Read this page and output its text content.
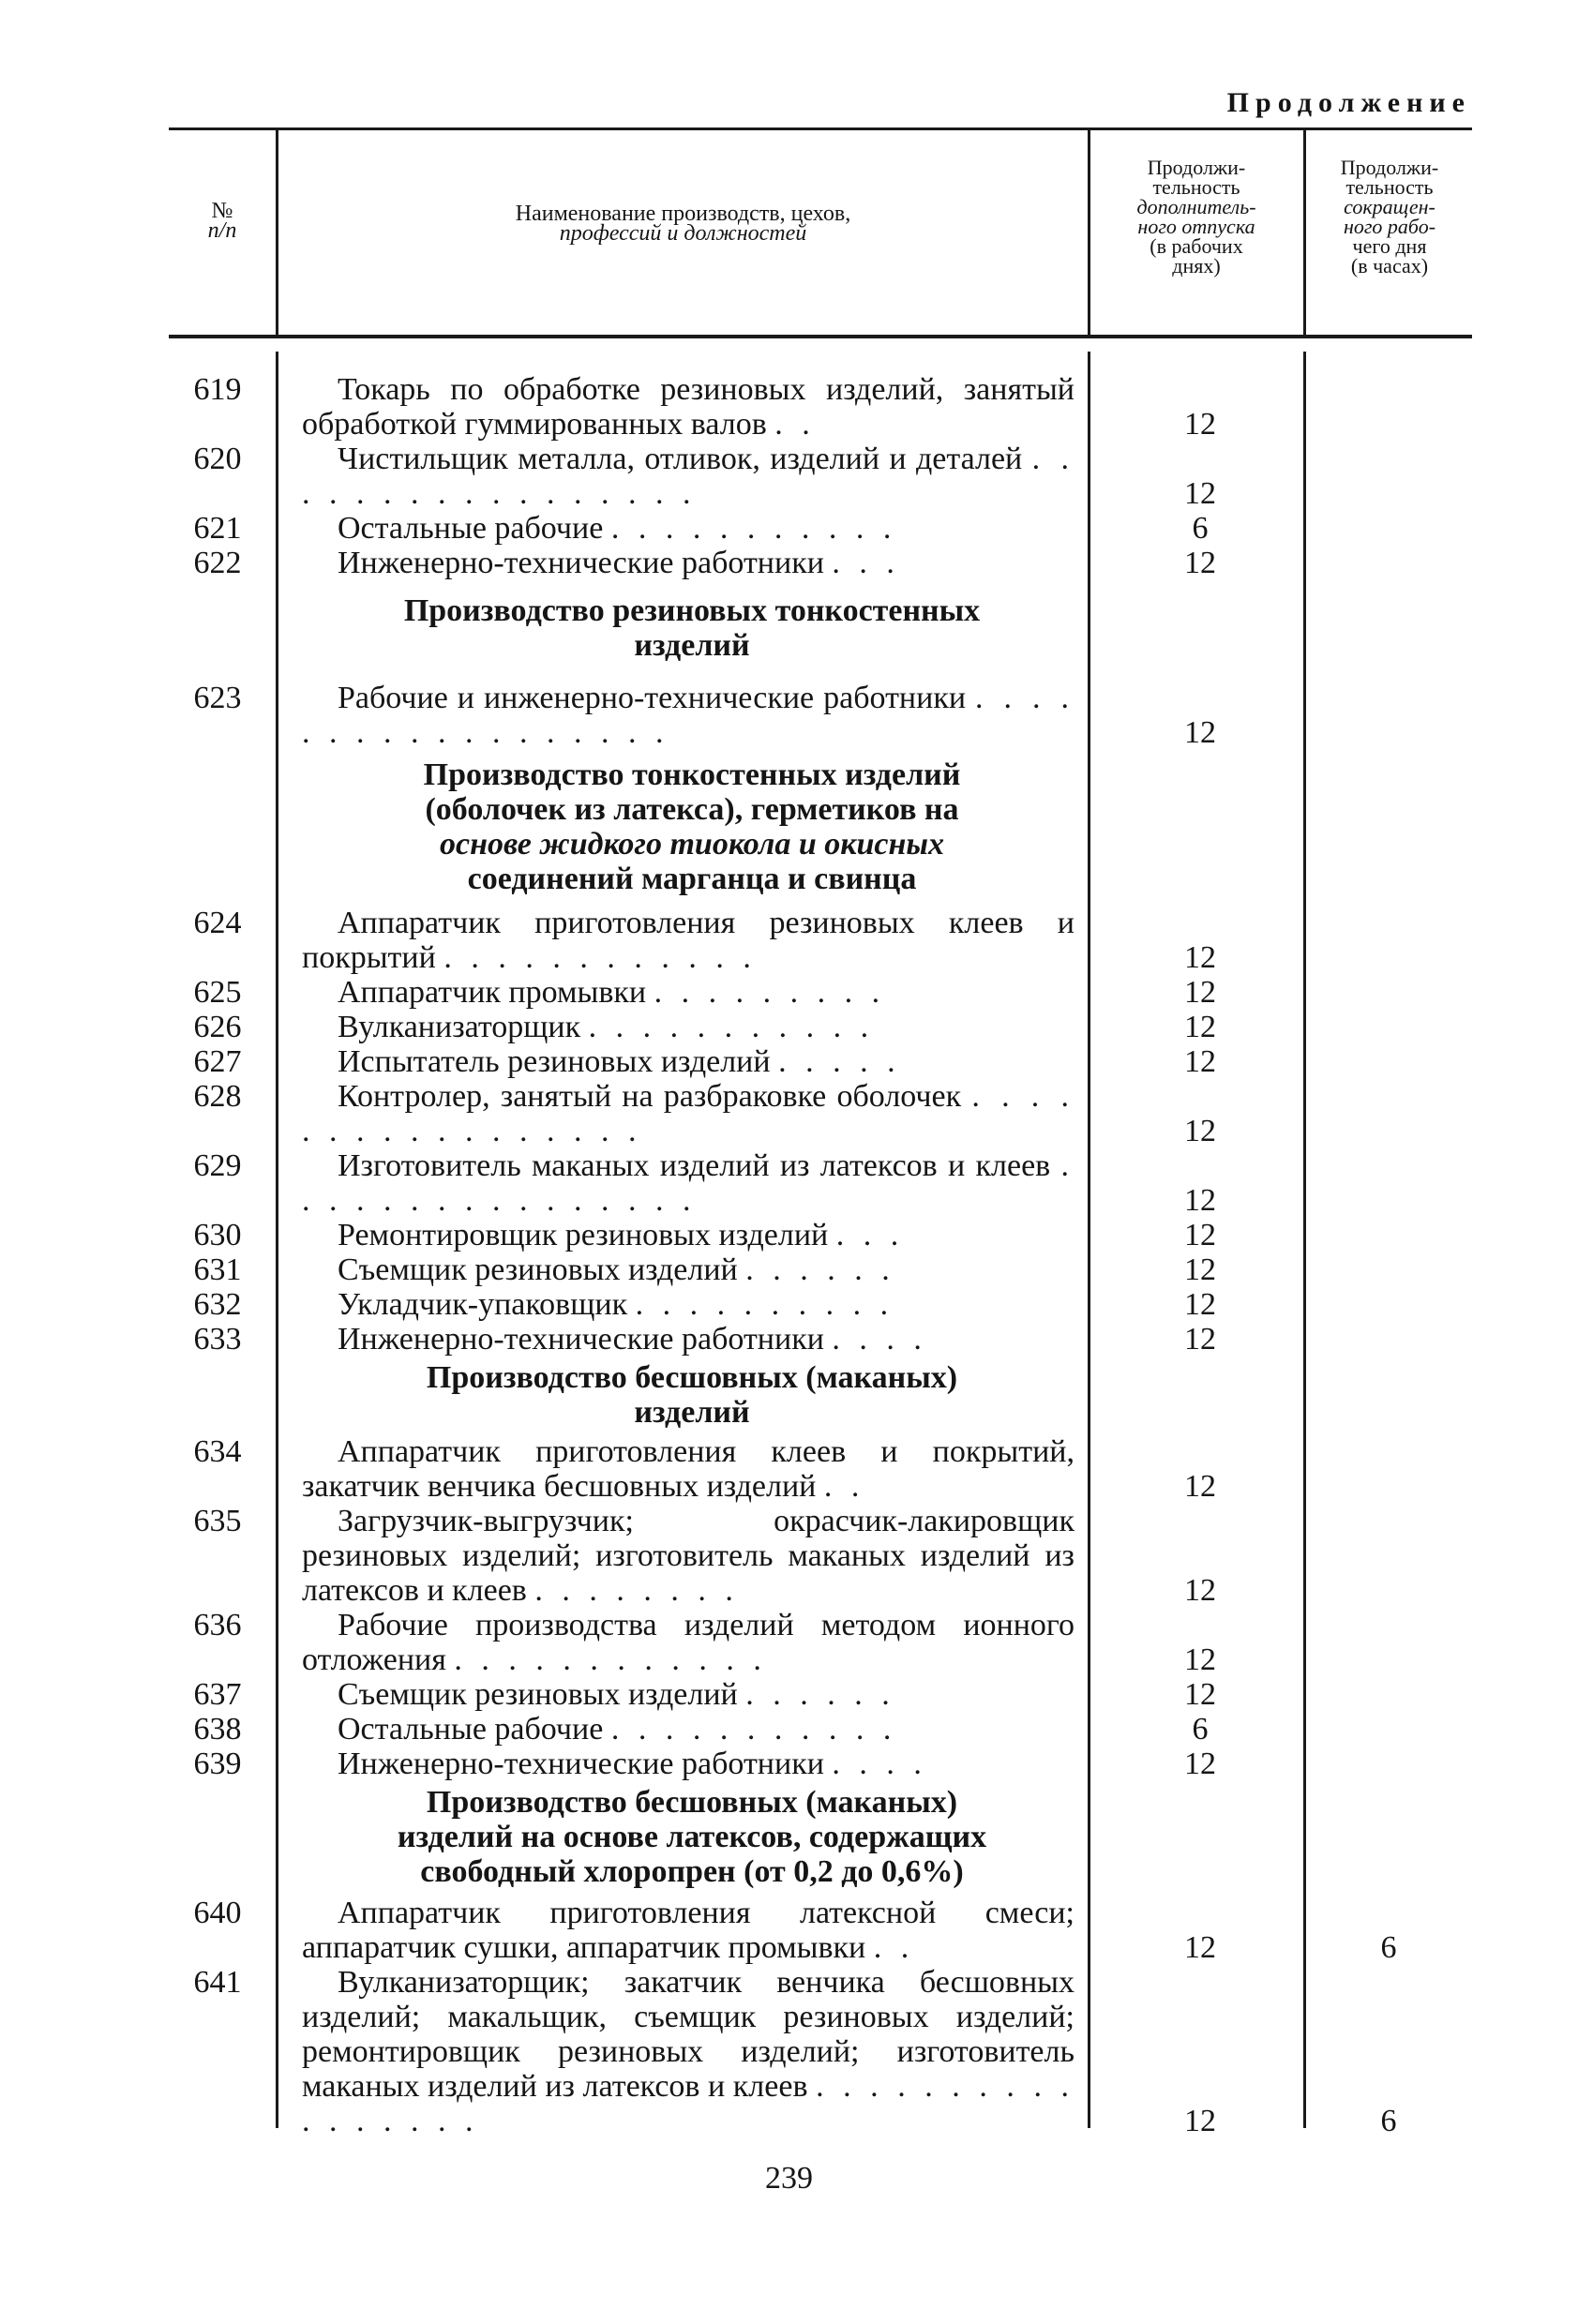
Продолжение
№
п/п
Наименование производств, цехов,
профессий и должностей
Продолжи-
тельность
дополнитель-
ного отпуска
(в рабочих
днях)
Продолжи-
тельность
сокращен-
ного рабо-
чего дня
(в часах)
619	Токарь по обработке резиновых изделий, занятый обработкой гуммированных валов . .	12
620	Чистильщик металла, отливок, изделий и деталей . . . . . . . . . . . . . . . . .	12
621	Остальные рабочие . . . . . . . . . . .	6
622	Инженерно-технические работники . . .	12
Производство резиновых тонкостенных
изделий
623	Рабочие и инженерно-технические работники . . . . . . . . . . . . . . . . . .	12
Производство тонкостенных изделий
(оболочек из латекса), герметиков на
основе жидкого тиокола и окисных
соединений марганца и свинца
624	Аппаратчик приготовления резиновых клеев и покрытий . . . . . . . . . . . .	12
625	Аппаратчик промывки . . . . . . . . .	12
626	Вулканизаторщик . . . . . . . . . . .	12
627	Испытатель резиновых изделий . . . . .	12
628	Контролер, занятый на разбраковке оболочек . . . . . . . . . . . . . . . . .	12
629	Изготовитель маканых изделий из латексов и клеев . . . . . . . . . . . . . . . .	12
630	Ремонтировщик резиновых изделий . . .	12
631	Съемщик резиновых изделий . . . . . .	12
632	Укладчик-упаковщик . . . . . . . . . .	12
633	Инженерно-технические работники . . . .	12
Производство бесшовных (маканых)
изделий
634	Аппаратчик приготовления клеев и покрытий, закатчик венчика бесшовных изделий . .	12
635	Загрузчик-выгрузчик; окрасчик-лакировщик резиновых изделий; изготовитель маканых изделий из латексов и клеев . . . . . . . .	12
636	Рабочие производства изделий методом ионного отложения . . . . . . . . . . . .	12
637	Съемщик резиновых изделий . . . . . .	12
638	Остальные рабочие . . . . . . . . . . .	6
639	Инженерно-технические работники . . . .	12
Производство бесшовных (маканых)
изделий на основе латексов, содержащих
свободный хлоропрен (от 0,2 до 0,6%)
640	Аппаратчик приготовления латексной смеси; аппаратчик сушки, аппаратчик промывки . .	12	6
641	Вулканизаторщик; закатчик венчика бесшовных изделий; макальщик, съемщик резиновых изделий; ремонтировщик резиновых изделий; изготовитель маканых изделий из латексов и клеев . . . . . . . . . . . . . . . . .	12	6
239
